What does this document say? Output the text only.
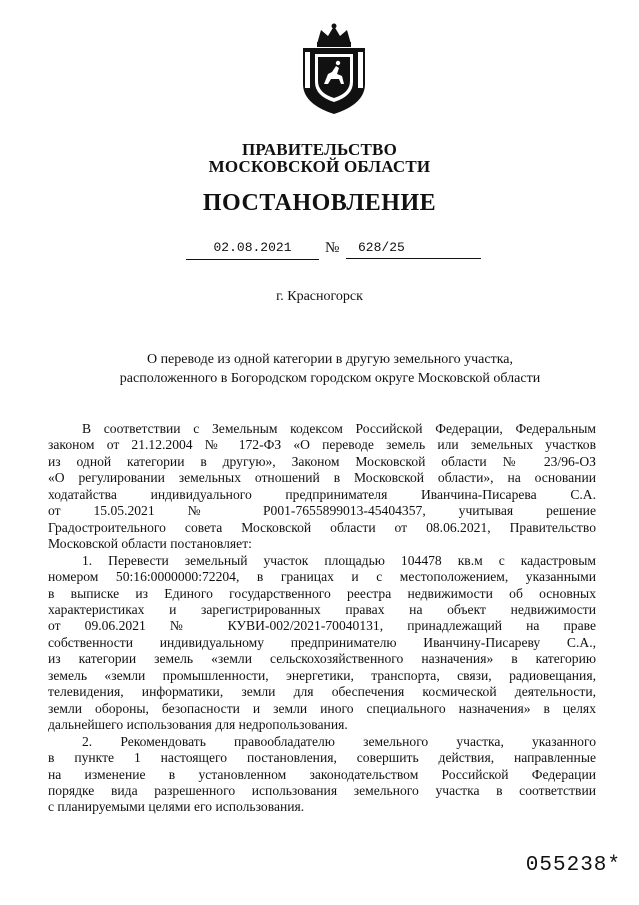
ПРАВИТЕЛЬСТВО
МОСКОВСКОЙ ОБЛАСТИ
ПОСТАНОВЛЕНИЕ
02.08.2021	№	628/25
г. Красногорск
О переводе из одной категории в другую земельного участка,
расположенного в Богородском городском округе Московской области
В соответствии с Земельным кодексом Российской Федерации, Федеральным
законом от 21.12.2004 № 172-ФЗ «О переводе земель или земельных участков
из одной категории в другую», Законом Московской области № 23/96-ОЗ
«О регулировании земельных отношений в Московской области», на основании
ходатайства индивидуального предпринимателя Иванчина-Писарева С.А.
от 15.05.2021 № Р001-7655899013-45404357, учитывая решение
Градостроительного совета Московской области от 08.06.2021, Правительство
Московской области постановляет:
1. Перевести земельный участок площадью 104478 кв.м с кадастровым
номером 50:16:0000000:72204, в границах и с местоположением, указанными
в выписке из Единого государственного реестра недвижимости об основных
характеристиках и зарегистрированных правах на объект недвижимости
от 09.06.2021 № КУВИ-002/2021-70040131, принадлежащий на праве
собственности индивидуальному предпринимателю Иванчину-Писареву С.А.,
из категории земель «земли сельскохозяйственного назначения» в категорию
земель «земли промышленности, энергетики, транспорта, связи, радиовещания,
телевидения, информатики, земли для обеспечения космической деятельности,
земли обороны, безопасности и земли иного специального назначения» в целях
дальнейшего использования для недропользования.
2. Рекомендовать правообладателю земельного участка, указанного
в пункте 1 настоящего постановления, совершить действия, направленные
на изменение в установленном законодательством Российской Федерации
порядке вида разрешенного использования земельного участка в соответствии
с планируемыми целями его использования.
055238*
